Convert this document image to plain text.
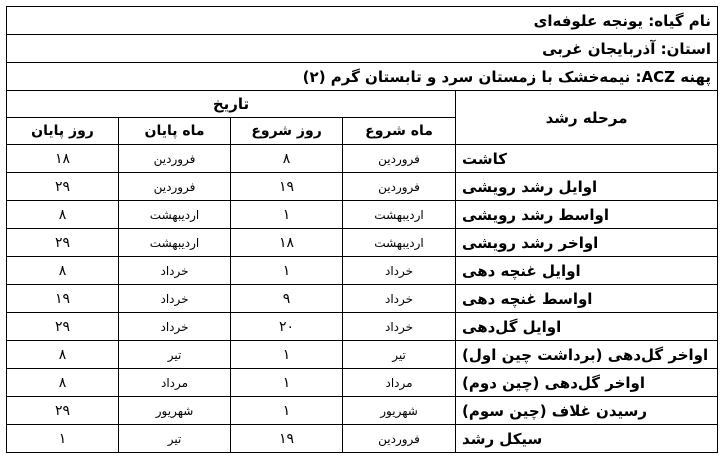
نام گیاه: یونجه علوفه‌ای				
استان: آذربایجان غربی				
پهنه ACZ: نیمه‌خشک با زمستان سرد و تابستان گرم (۲)				
مرحله رشد	تاریخ			
	ماه شروع	روز شروع	ماه پایان	روز پایان
کاشت	فروردین	۸	فروردین	۱۸
اوایل رشد رویشی	فروردین	۱۹	فروردین	۲۹
اواسط رشد رویشی	اردیبهشت	۱	اردیبهشت	۸
اواخر رشد رویشی	اردیبهشت	۱۸	اردیبهشت	۲۹
اوایل غنچه دهی	خرداد	۱	خرداد	۸
اواسط غنچه دهی	خرداد	۹	خرداد	۱۹
اوایل گل‌دهی	خرداد	۲۰	خرداد	۲۹
اواخر گل‌دهی (برداشت چین اول)	تیر	۱	تیر	۸
اواخر گل‌دهی (چین دوم)	مرداد	۱	مرداد	۸
رسیدن غلاف (چین سوم)	شهریور	۱	شهریور	۲۹
سیکل رشد	فروردین	۱۹	تیر	۱
